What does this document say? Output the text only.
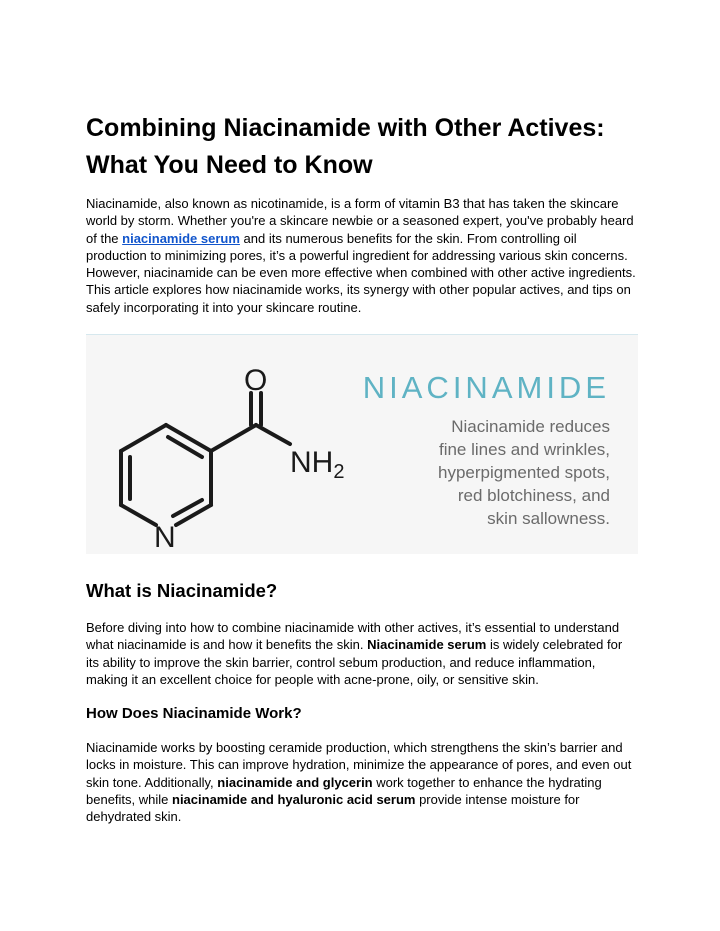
Combining Niacinamide with Other Actives: What You Need to Know

Niacinamide, also known as nicotinamide, is a form of vitamin B3 that has taken the skincare world by storm. Whether you're a skincare newbie or a seasoned expert, you've probably heard of the niacinamide serum and its numerous benefits for the skin. From controlling oil production to minimizing pores, it’s a powerful ingredient for addressing various skin concerns. However, niacinamide can be even more effective when combined with other active ingredients. This article explores how niacinamide works, its synergy with other popular actives, and tips on safely incorporating it into your skincare routine.

O
$NH_2$
N
NIACINAMIDE
Niacinamide reduces
fine lines and wrinkles,
hyperpigmented spots,
red blotchiness, and
skin sallowness.
What is Niacinamide?

Before diving into how to combine niacinamide with other actives, it’s essential to understand what niacinamide is and how it benefits the skin. Niacinamide serum is widely celebrated for its ability to improve the skin barrier, control sebum production, and reduce inflammation, making it an excellent choice for people with acne-prone, oily, or sensitive skin.

How Does Niacinamide Work?

Niacinamide works by boosting ceramide production, which strengthens the skin’s barrier and locks in moisture. This can improve hydration, minimize the appearance of pores, and even out skin tone. Additionally, niacinamide and glycerin work together to enhance the hydrating benefits, while niacinamide and hyaluronic acid serum provide intense moisture for dehydrated skin.
